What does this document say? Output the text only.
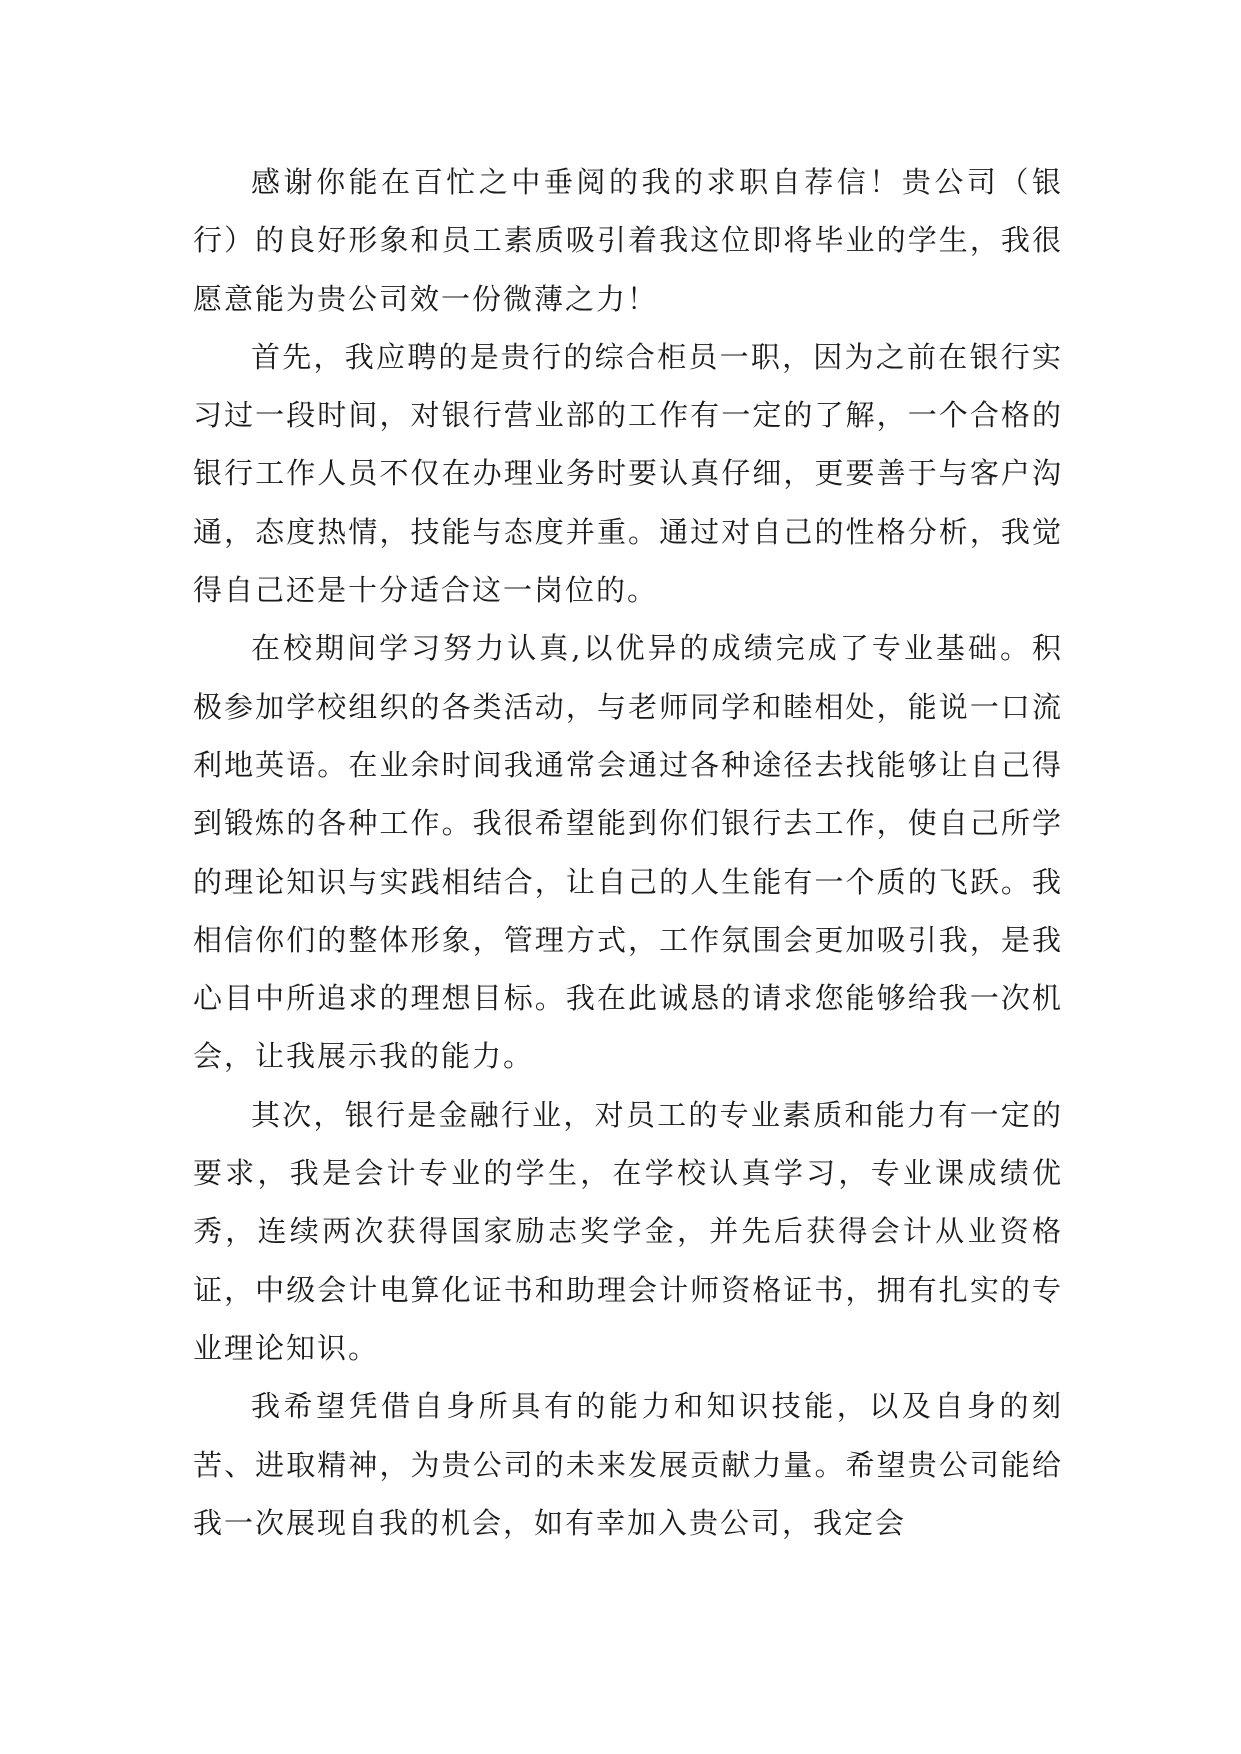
感谢你能在百忙之中垂阅的我的求职自荐信！贵公司（银行）的良好形象和员工素质吸引着我这位即将毕业的学生，我很愿意能为贵公司效一份微薄之力！

首先，我应聘的是贵行的综合柜员一职，因为之前在银行实习过一段时间，对银行营业部的工作有一定的了解，一个合格的银行工作人员不仅在办理业务时要认真仔细，更要善于与客户沟通，态度热情，技能与态度并重。通过对自己的性格分析，我觉得自己还是十分适合这一岗位的。

在校期间学习努力认真,以优异的成绩完成了专业基础。积极参加学校组织的各类活动，与老师同学和睦相处，能说一口流利地英语。在业余时间我通常会通过各种途径去找能够让自己得到锻炼的各种工作。我很希望能到你们银行去工作，使自己所学的理论知识与实践相结合，让自己的人生能有一个质的飞跃。我相信你们的整体形象，管理方式，工作氛围会更加吸引我，是我心目中所追求的理想目标。我在此诚恳的请求您能够给我一次机会，让我展示我的能力。

其次，银行是金融行业，对员工的专业素质和能力有一定的要求，我是会计专业的学生，在学校认真学习，专业课成绩优秀，连续两次获得国家励志奖学金，并先后获得会计从业资格证，中级会计电算化证书和助理会计师资格证书，拥有扎实的专业理论知识。

我希望凭借自身所具有的能力和知识技能，以及自身的刻苦、进取精神，为贵公司的未来发展贡献力量。希望贵公司能给我一次展现自我的机会，如有幸加入贵公司，我定会
